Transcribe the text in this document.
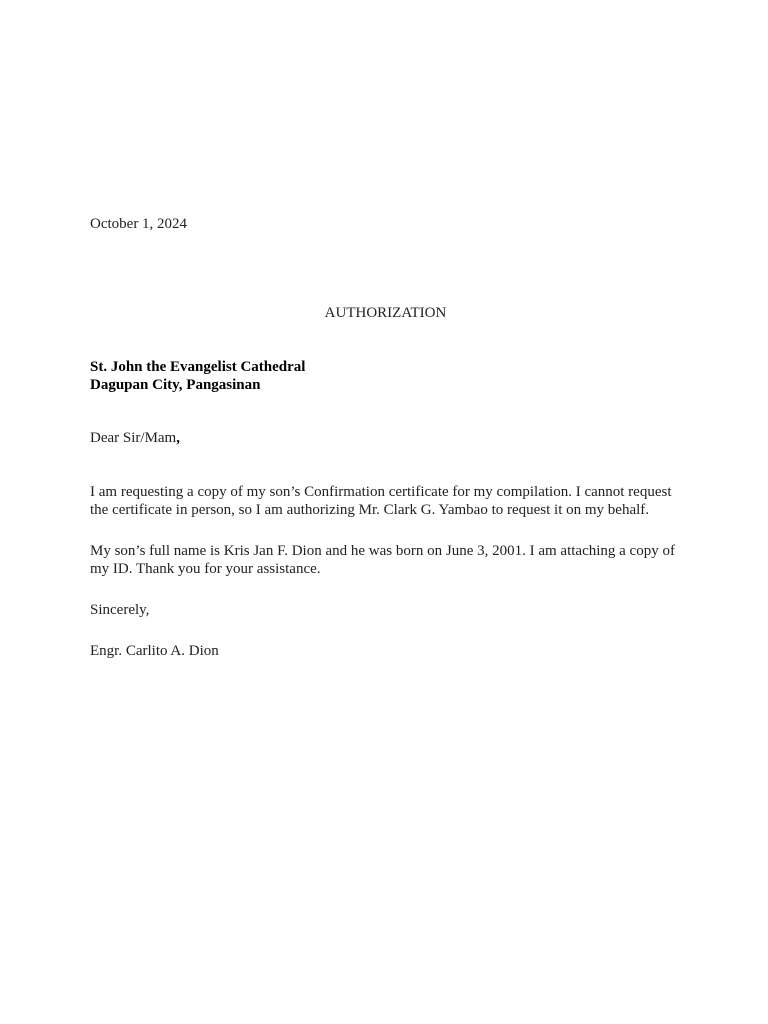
October 1, 2024

AUTHORIZATION
St. John the Evangelist Cathedral
Dagupan City, Pangasinan

Dear Sir/Mam,

I am requesting a copy of my son’s Confirmation certificate for my compilation. I cannot request the certificate in person, so I am authorizing Mr. Clark G. Yambao to request it on my behalf.

My son’s full name is Kris Jan F. Dion and he was born on June 3, 2001. I am attaching a copy of my ID. Thank you for your assistance.

Sincerely,

Engr. Carlito A. Dion
